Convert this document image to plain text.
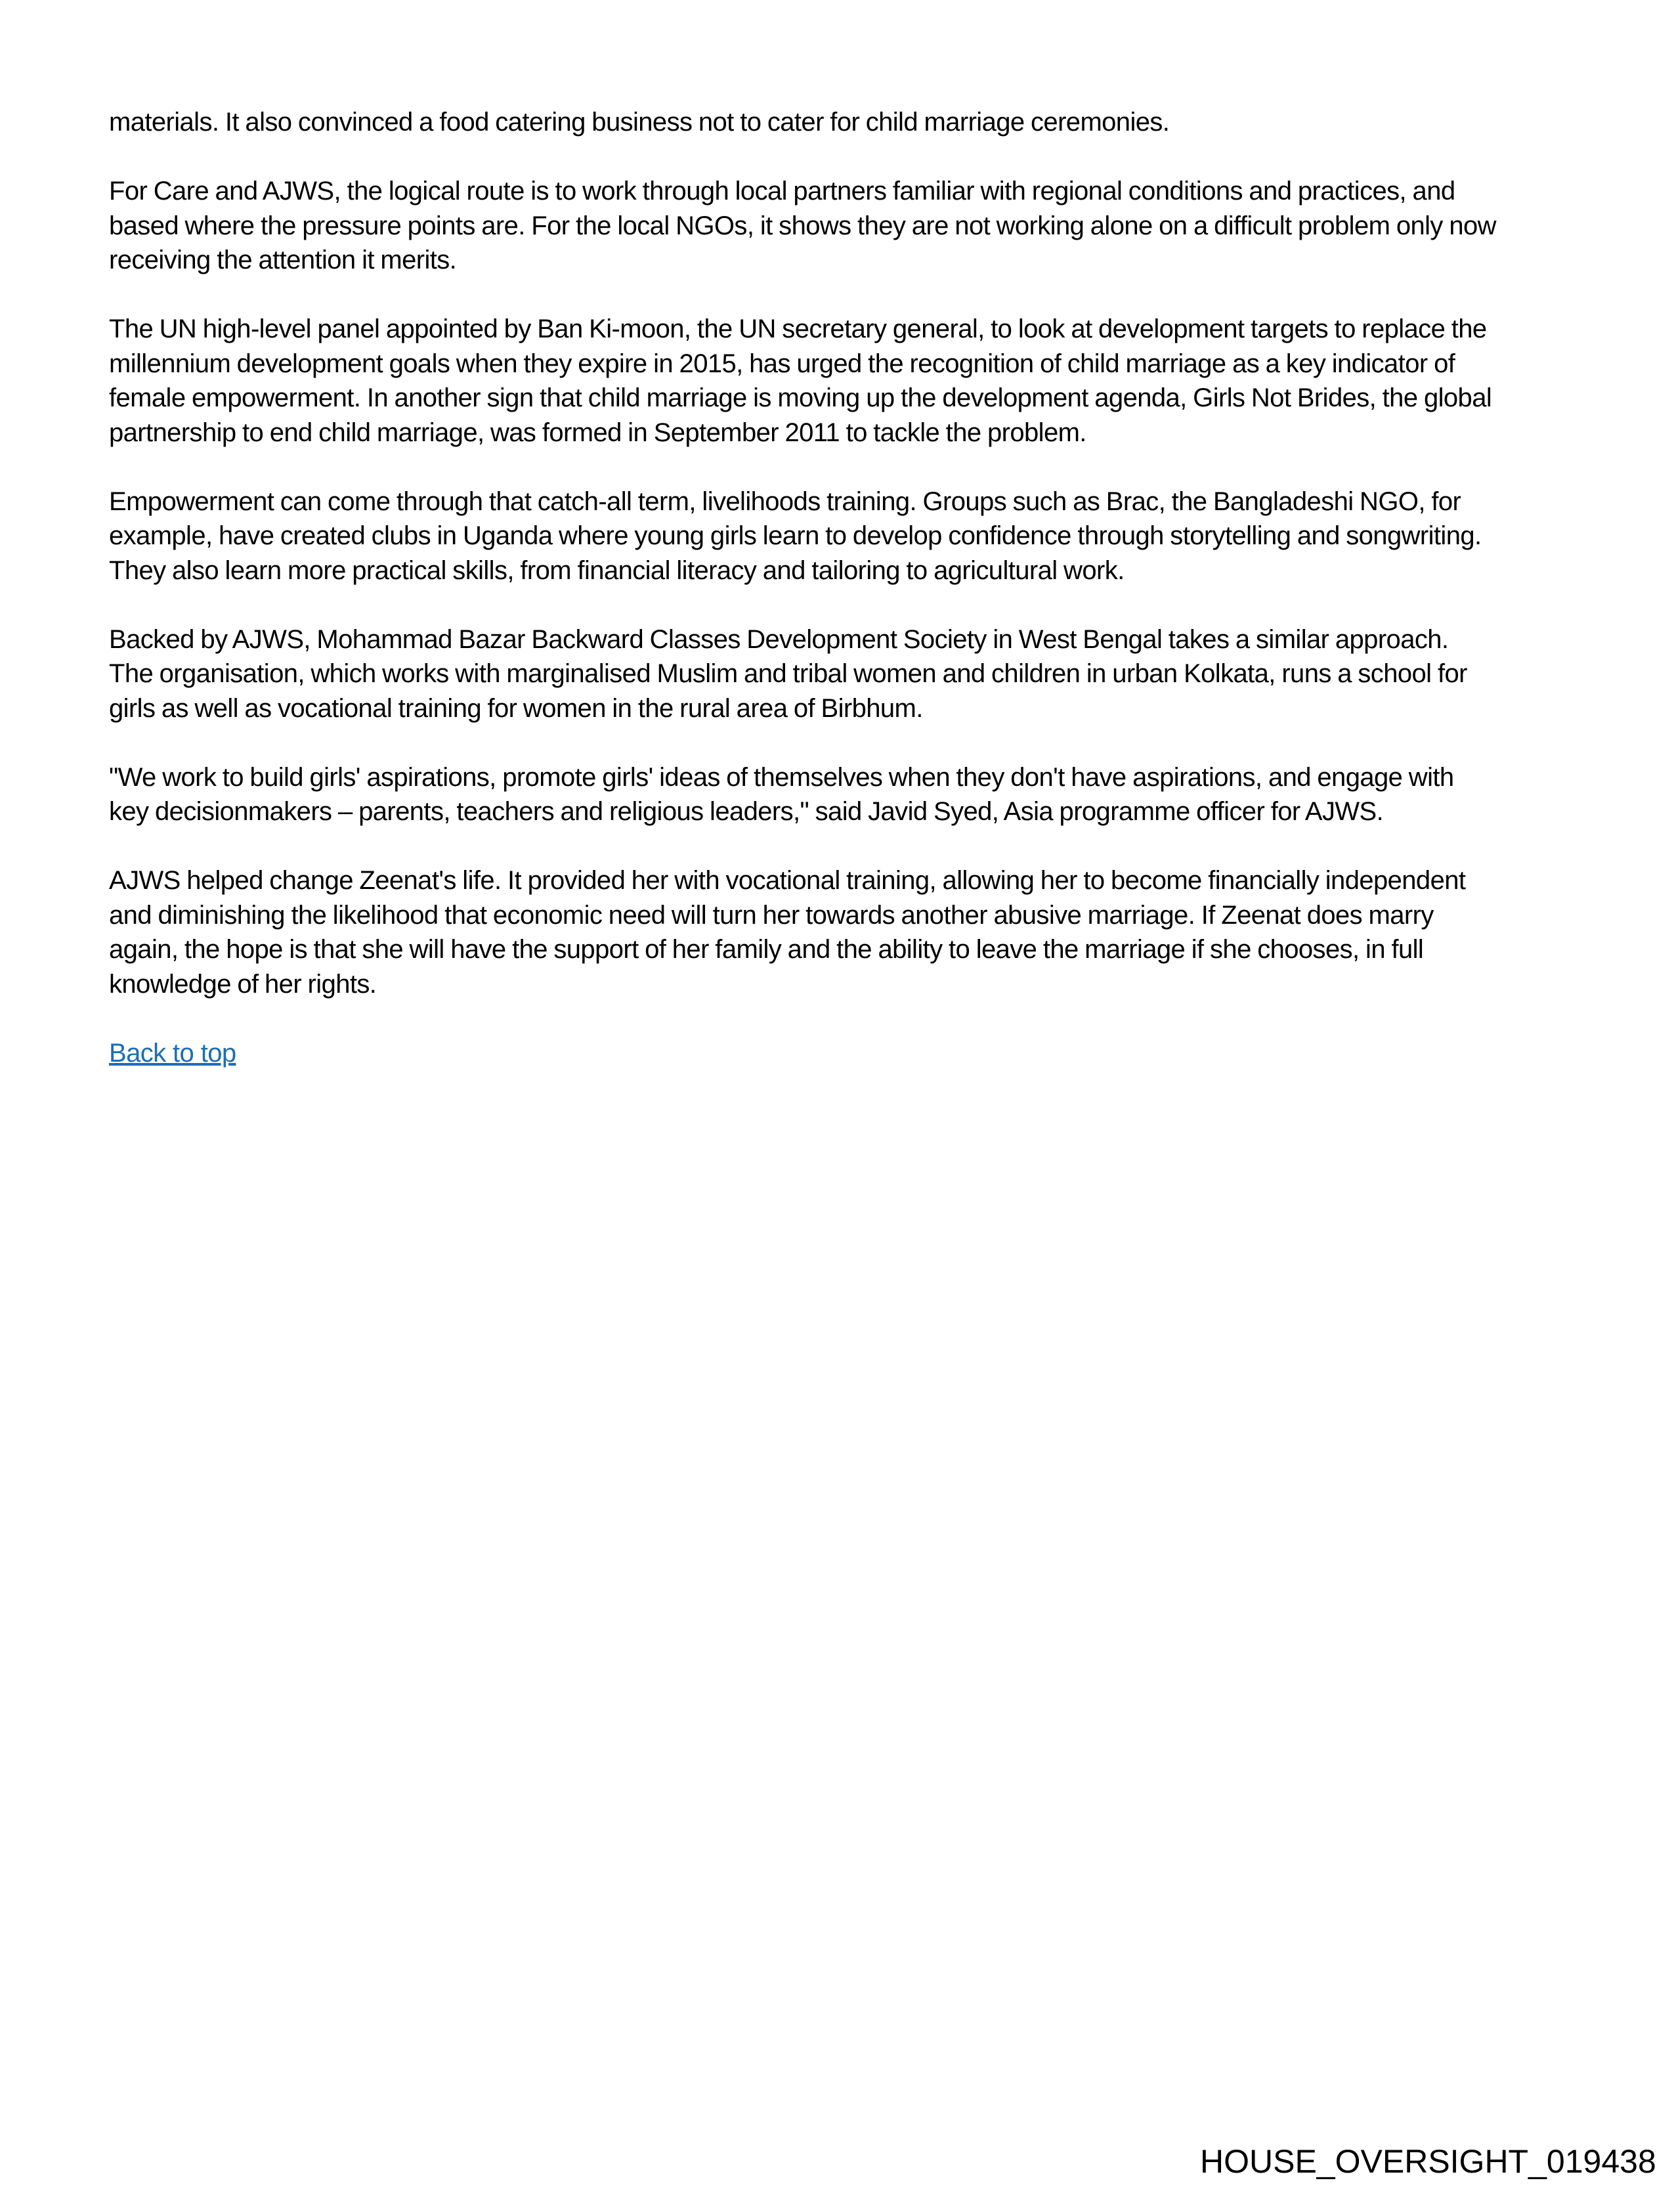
materials. It also convinced a food catering business not to cater for child marriage ceremonies.

For Care and AJWS, the logical route is to work through local partners familiar with regional conditions and practices, and
based where the pressure points are. For the local NGOs, it shows they are not working alone on a difficult problem only now
receiving the attention it merits.

The UN high-level panel appointed by Ban Ki-moon, the UN secretary general, to look at development targets to replace the
millennium development goals when they expire in 2015, has urged the recognition of child marriage as a key indicator of
female empowerment. In another sign that child marriage is moving up the development agenda, Girls Not Brides, the global
partnership to end child marriage, was formed in September 2011 to tackle the problem.

Empowerment can come through that catch-all term, livelihoods training. Groups such as Brac, the Bangladeshi NGO, for
example, have created clubs in Uganda where young girls learn to develop confidence through storytelling and songwriting.
They also learn more practical skills, from financial literacy and tailoring to agricultural work.

Backed by AJWS, Mohammad Bazar Backward Classes Development Society in West Bengal takes a similar approach.
The organisation, which works with marginalised Muslim and tribal women and children in urban Kolkata, runs a school for
girls as well as vocational training for women in the rural area of Birbhum.

"We work to build girls' aspirations, promote girls' ideas of themselves when they don't have aspirations, and engage with
key decisionmakers – parents, teachers and religious leaders," said Javid Syed, Asia programme officer for AJWS.

AJWS helped change Zeenat's life. It provided her with vocational training, allowing her to become financially independent
and diminishing the likelihood that economic need will turn her towards another abusive marriage. If Zeenat does marry
again, the hope is that she will have the support of her family and the ability to leave the marriage if she chooses, in full
knowledge of her rights.

Back to top
HOUSE_OVERSIGHT_019438
